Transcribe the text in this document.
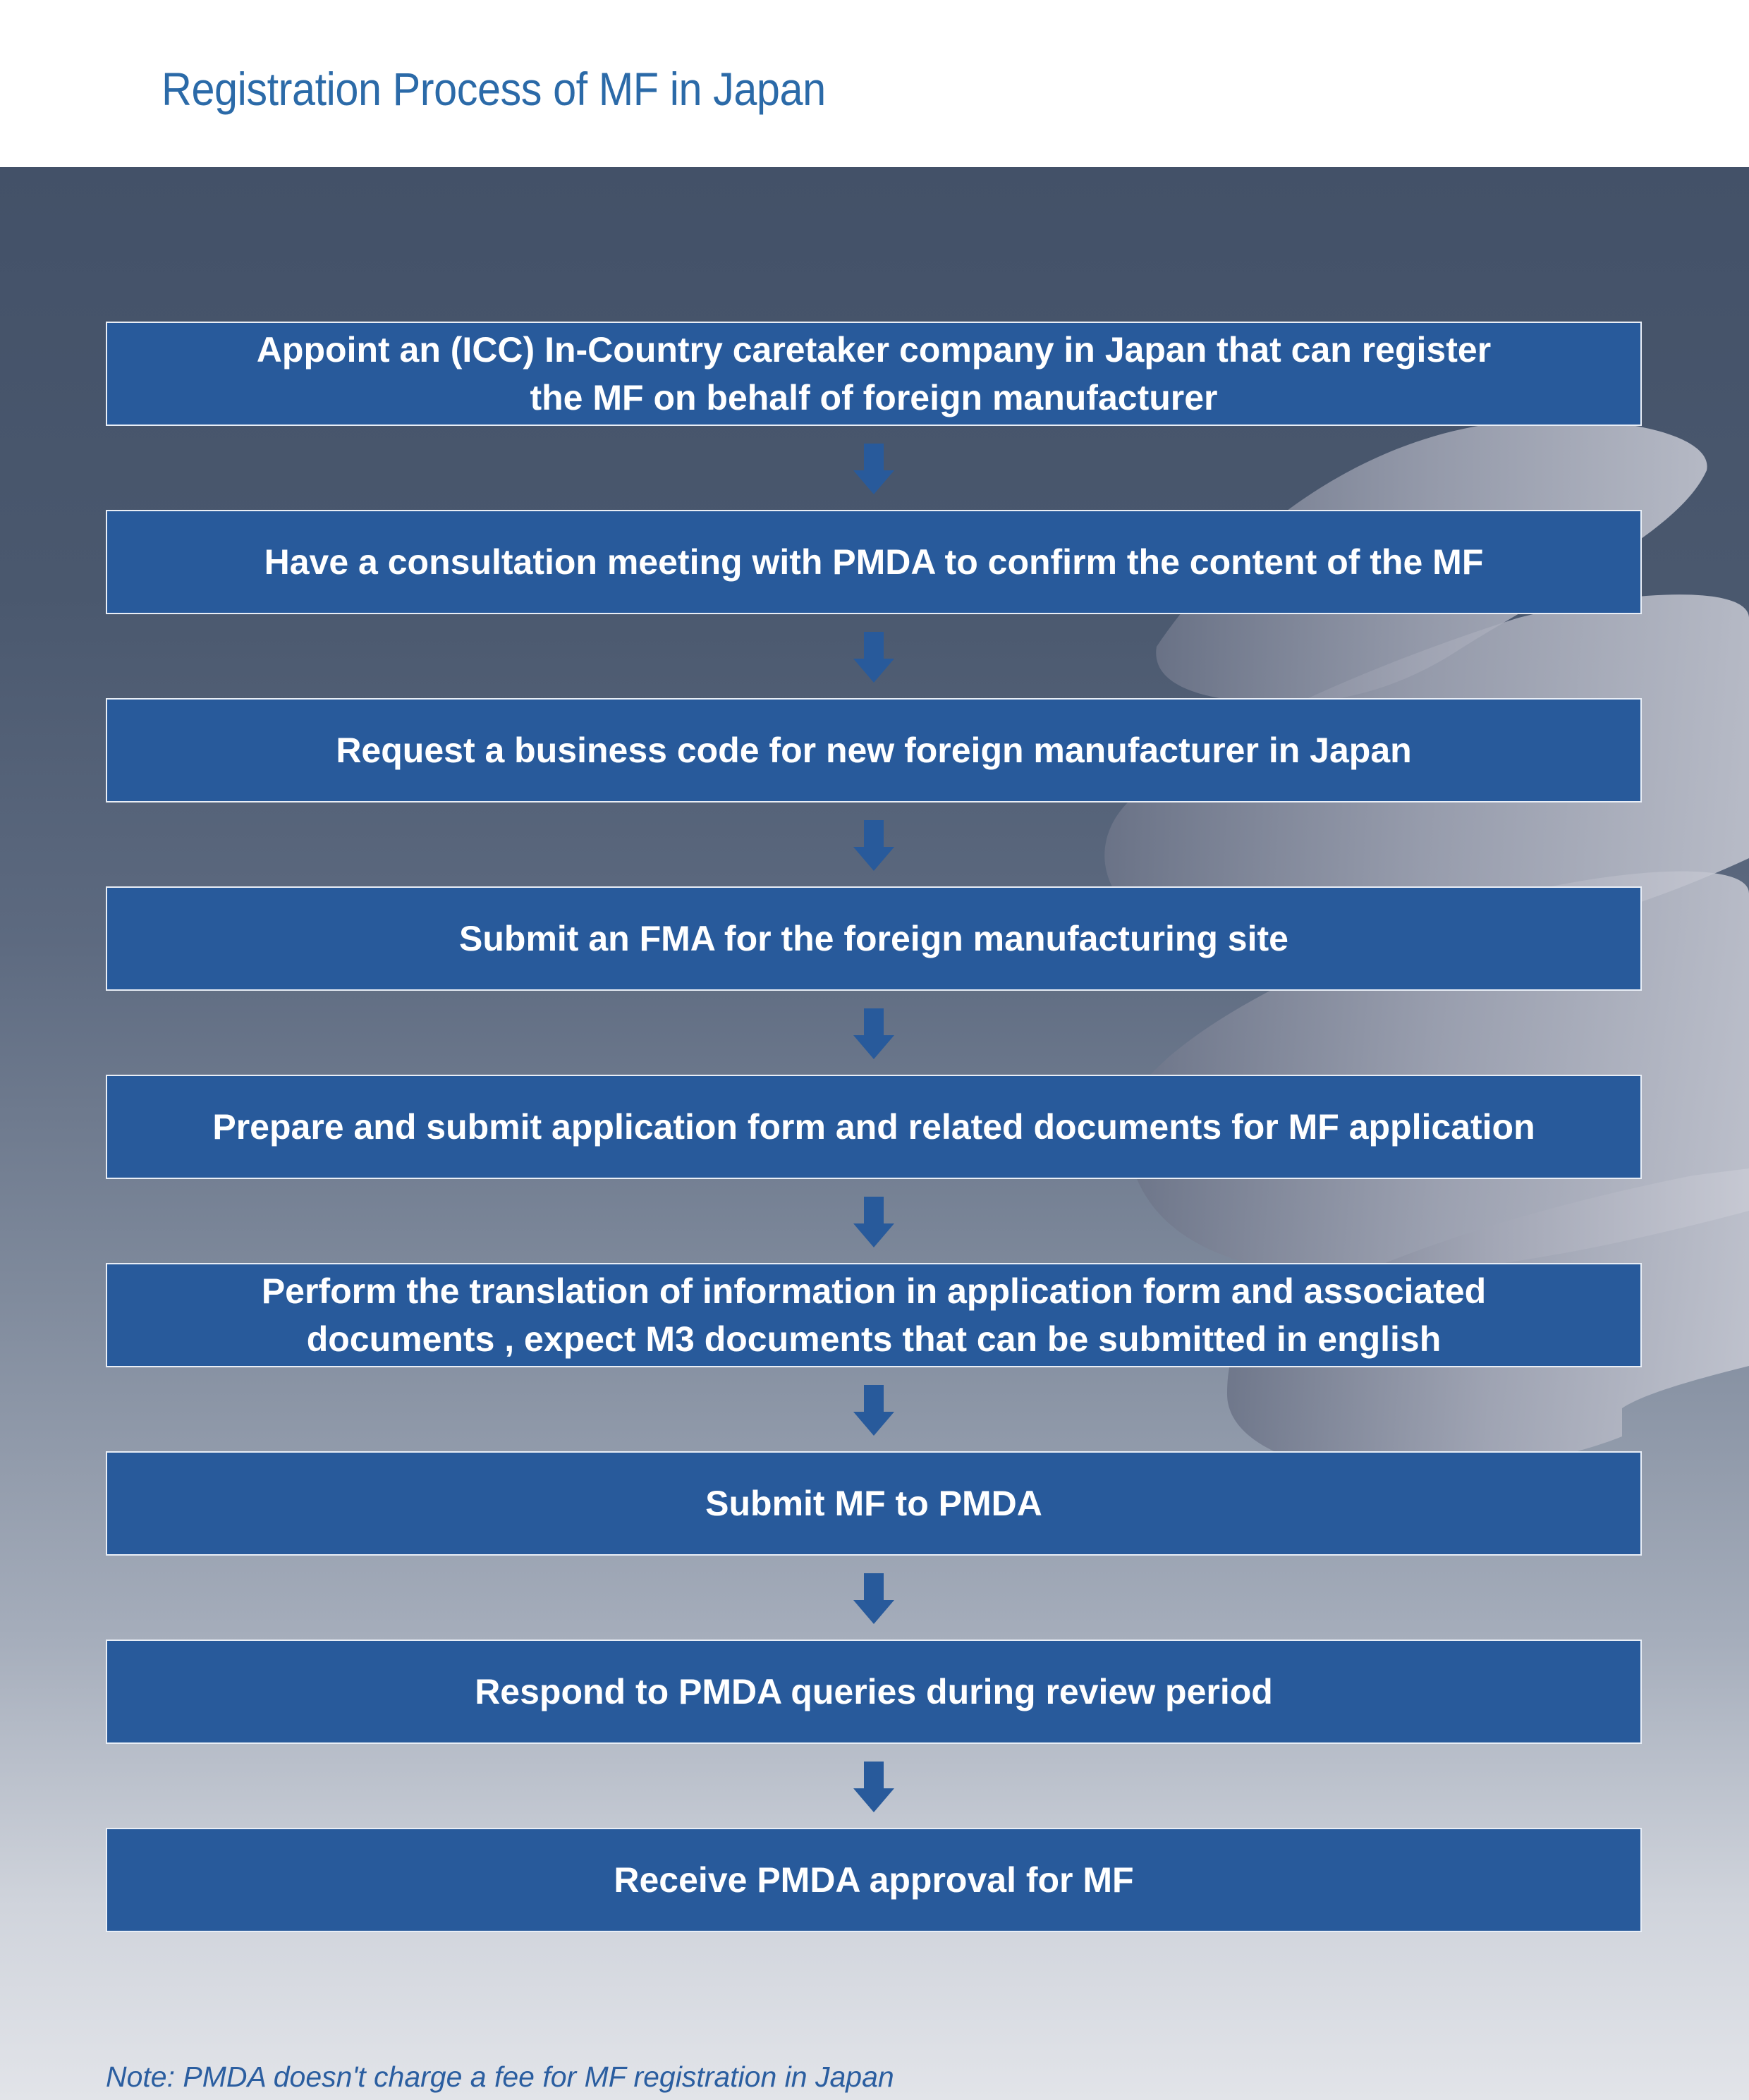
Registration Process of MF in Japan
Appoint an (ICC) In-Country caretaker company in Japan that can register
the MF on behalf of foreign manufacturer
Have a consultation meeting with PMDA to confirm the content of the MF
Request a business code for new foreign manufacturer in Japan
Submit an FMA for the foreign manufacturing site
Prepare and submit application form and related documents for MF application
Perform the translation of information in application form and associated
documents , expect M3 documents that can be submitted in english
Submit MF to PMDA
Respond to PMDA queries during review period
Receive PMDA approval for MF
Note: PMDA doesn't charge a fee for MF registration in Japan
